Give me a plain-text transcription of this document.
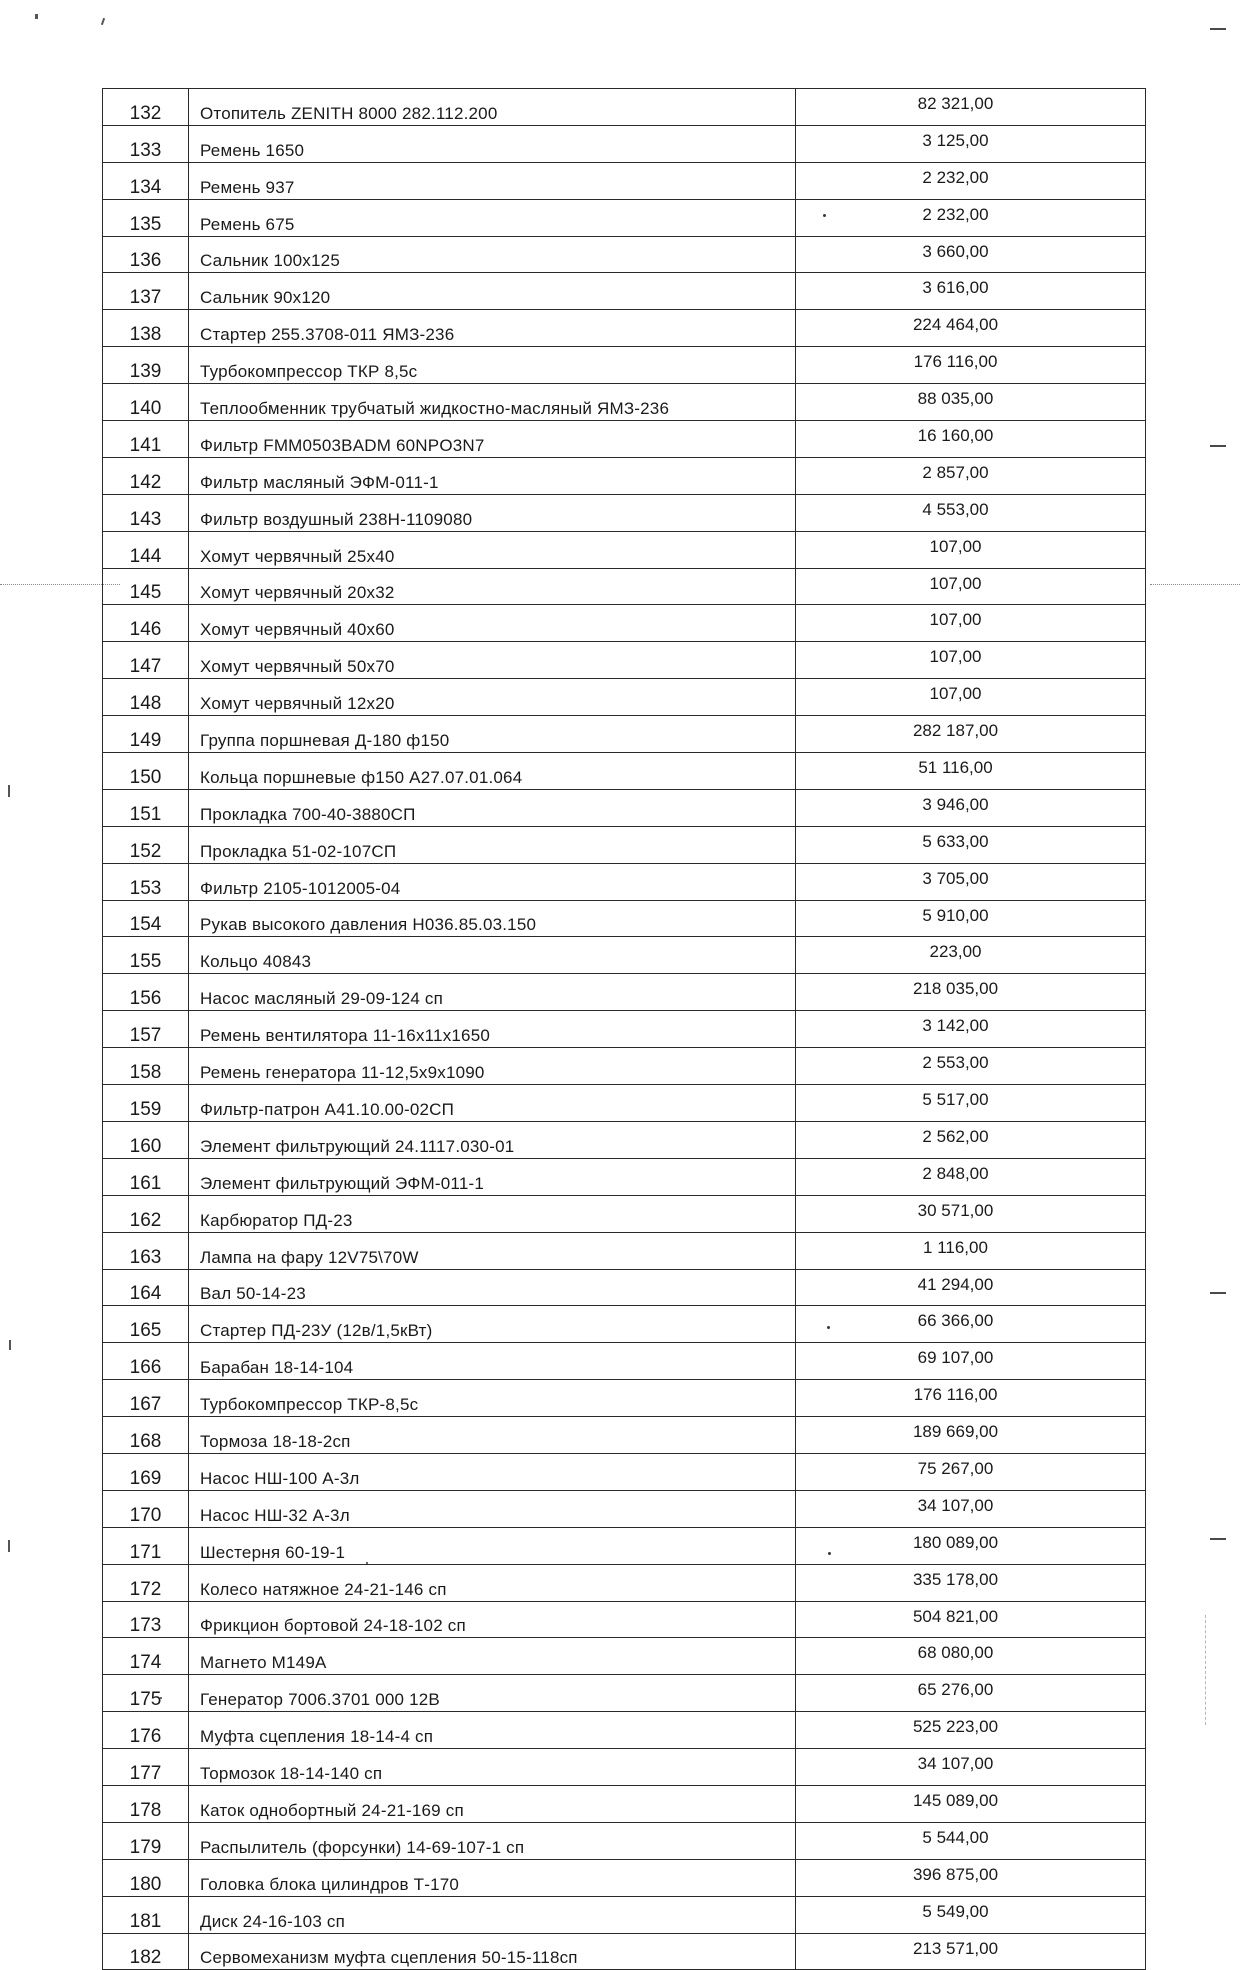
132	Отопитель ZENITH 8000 282.112.200	82 321,00
133	Ремень 1650	3 125,00
134	Ремень 937	2 232,00
135	Ремень 675	2 232,00
136	Сальник 100х125	3 660,00
137	Сальник 90х120	3 616,00
138	Стартер 255.3708-011 ЯМЗ-236	224 464,00
139	Турбокомпрессор ТКР 8,5с	176 116,00
140	Теплообменник трубчатый жидкостно-масляный ЯМЗ-236	88 035,00
141	Фильтр FMM0503BADM 60NPO3N7	16 160,00
142	Фильтр масляный ЭФМ-011-1	2 857,00
143	Фильтр воздушный 238Н-1109080	4 553,00
144	Хомут червячный 25х40	107,00
145	Хомут червячный 20х32	107,00
146	Хомут червячный 40х60	107,00
147	Хомут червячный 50х70	107,00
148	Хомут червячный 12х20	107,00
149	Группа поршневая Д-180 ф150	282 187,00
150	Кольца поршневые ф150 А27.07.01.064	51 116,00
151	Прокладка 700-40-3880СП	3 946,00
152	Прокладка 51-02-107СП	5 633,00
153	Фильтр 2105-1012005-04	3 705,00
154	Рукав высокого давления Н036.85.03.150	5 910,00
155	Кольцо 40843	223,00
156	Насос масляный 29-09-124 сп	218 035,00
157	Ремень вентилятора 11-16х11х1650	3 142,00
158	Ремень генератора 11-12,5х9х1090	2 553,00
159	Фильтр-патрон А41.10.00-02СП	5 517,00
160	Элемент фильтрующий 24.1117.030-01	2 562,00
161	Элемент фильтрующий ЭФМ-011-1	2 848,00
162	Карбюратор ПД-23	30 571,00
163	Лампа на фару 12V75\70W	1 116,00
164	Вал 50-14-23	41 294,00
165	Стартер ПД-23У (12в/1,5кВт)	66 366,00
166	Барабан 18-14-104	69 107,00
167	Турбокомпрессор ТКР-8,5с	176 116,00
168	Тормоза 18-18-2сп	189 669,00
169	Насос НШ-100 А-3л	75 267,00
170	Насос НШ-32 А-3л	34 107,00
171	Шестерня 60-19-1	180 089,00
172	Колесо натяжное 24-21-146 сп	335 178,00
173	Фрикцион бортовой 24-18-102 сп	504 821,00
174	Магнето М149А	68 080,00
175	Генератор 7006.3701 000 12В	65 276,00
176	Муфта сцепления 18-14-4 сп	525 223,00
177	Тормозок 18-14-140 сп	34 107,00
178	Каток однобортный 24-21-169 сп	145 089,00
179	Распылитель (форсунки) 14-69-107-1 сп	5 544,00
180	Головка блока цилиндров Т-170	396 875,00
181	Диск 24-16-103 сп	5 549,00
182	Сервомеханизм муфта сцепления 50-15-118сп	213 571,00
